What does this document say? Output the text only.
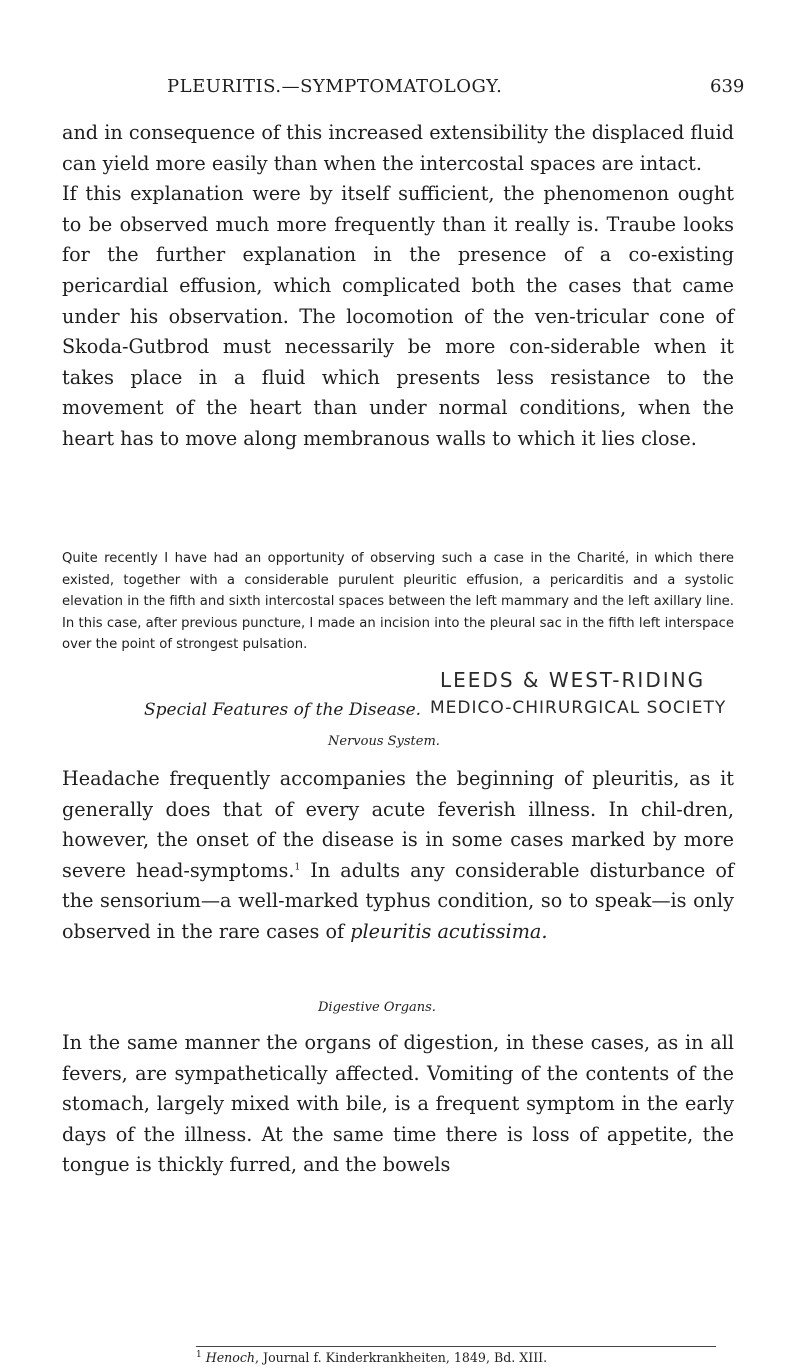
PLEURITIS.—SYMPTOMATOLOGY.	639

and in consequence of this increased extensibility the displaced fluid can yield more easily than when the intercostal spaces are intact.

If this explanation were by itself sufficient, the phenomenon ought to be observed much more frequently than it really is. Traube looks for the further explanation in the presence of a co-existing pericardial effusion, which complicated both the cases that came under his observation. The locomotion of the ven-tricular cone of Skoda-Gutbrod must necessarily be more con-siderable when it takes place in a fluid which presents less resistance to the movement of the heart than under normal conditions, when the heart has to move along membranous walls to which it lies close.

Quite recently I have had an opportunity of observing such a case in the Charité, in which there existed, together with a considerable purulent pleuritic effusion, a pericarditis and a systolic elevation in the fifth and sixth intercostal spaces between the left mammary and the left axillary line. In this case, after previous puncture, I made an incision into the pleural sac in the fifth left interspace over the point of strongest pulsation.

LEEDS & WEST-RIDING
MEDICO-CHIRURGICAL SOCIETY
Special Features of the Disease.
Nervous System.

Headache frequently accompanies the beginning of pleuritis, as it generally does that of every acute feverish illness. In chil-dren, however, the onset of the disease is in some cases marked by more severe head-symptoms.$^1$ In adults any considerable disturbance of the sensorium—a well-marked typhus condition, so to speak—is only observed in the rare cases of pleuritis acutissima.

Digestive Organs.

In the same manner the organs of digestion, in these cases, as in all fevers, are sympathetically affected. Vomiting of the contents of the stomach, largely mixed with bile, is a frequent symptom in the early days of the illness. At the same time there is loss of appetite, the tongue is thickly furred, and the bowels

$^1$ Henoch, Journal f. Kinderkrankheiten, 1849, Bd. XIII.
